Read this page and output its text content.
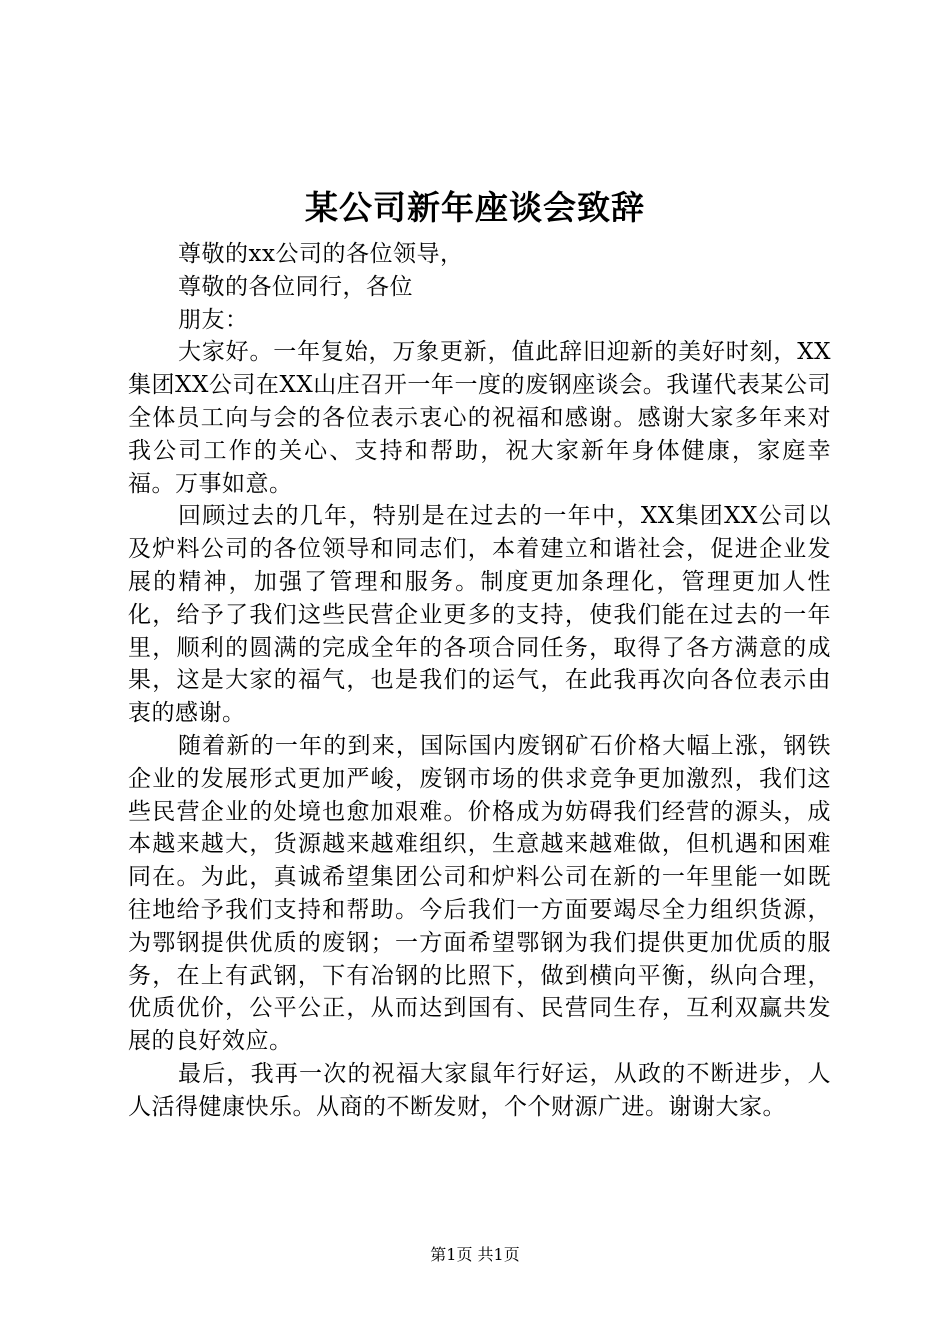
某公司新年座谈会致辞

尊敬的xx公司的各位领导，

尊敬的各位同行，各位

朋友：

大家好。一年复始，万象更新，值此辞旧迎新的美好时刻，XX集团XX公司在XX山庄召开一年一度的废钢座谈会。我谨代表某公司全体员工向与会的各位表示衷心的祝福和感谢。感谢大家多年来对我公司工作的关心、支持和帮助，祝大家新年身体健康，家庭幸福。万事如意。

回顾过去的几年，特别是在过去的一年中，XX集团XX公司以及炉料公司的各位领导和同志们，本着建立和谐社会，促进企业发展的精神，加强了管理和服务。制度更加条理化，管理更加人性化，给予了我们这些民营企业更多的支持，使我们能在过去的一年里，顺利的圆满的完成全年的各项合同任务，取得了各方满意的成果，这是大家的福气，也是我们的运气，在此我再次向各位表示由衷的感谢。

随着新的一年的到来，国际国内废钢矿石价格大幅上涨，钢铁企业的发展形式更加严峻，废钢市场的供求竞争更加激烈，我们这些民营企业的处境也愈加艰难。价格成为妨碍我们经营的源头，成本越来越大，货源越来越难组织，生意越来越难做，但机遇和困难同在。为此，真诚希望集团公司和炉料公司在新的一年里能一如既往地给予我们支持和帮助。今后我们一方面要竭尽全力组织货源，为鄂钢提供优质的废钢；一方面希望鄂钢为我们提供更加优质的服务，在上有武钢，下有冶钢的比照下，做到横向平衡，纵向合理，优质优价，公平公正，从而达到国有、民营同生存，互利双赢共发展的良好效应。

最后，我再一次的祝福大家鼠年行好运，从政的不断进步，人人活得健康快乐。从商的不断发财，个个财源广进。谢谢大家。

第1页 共1页
